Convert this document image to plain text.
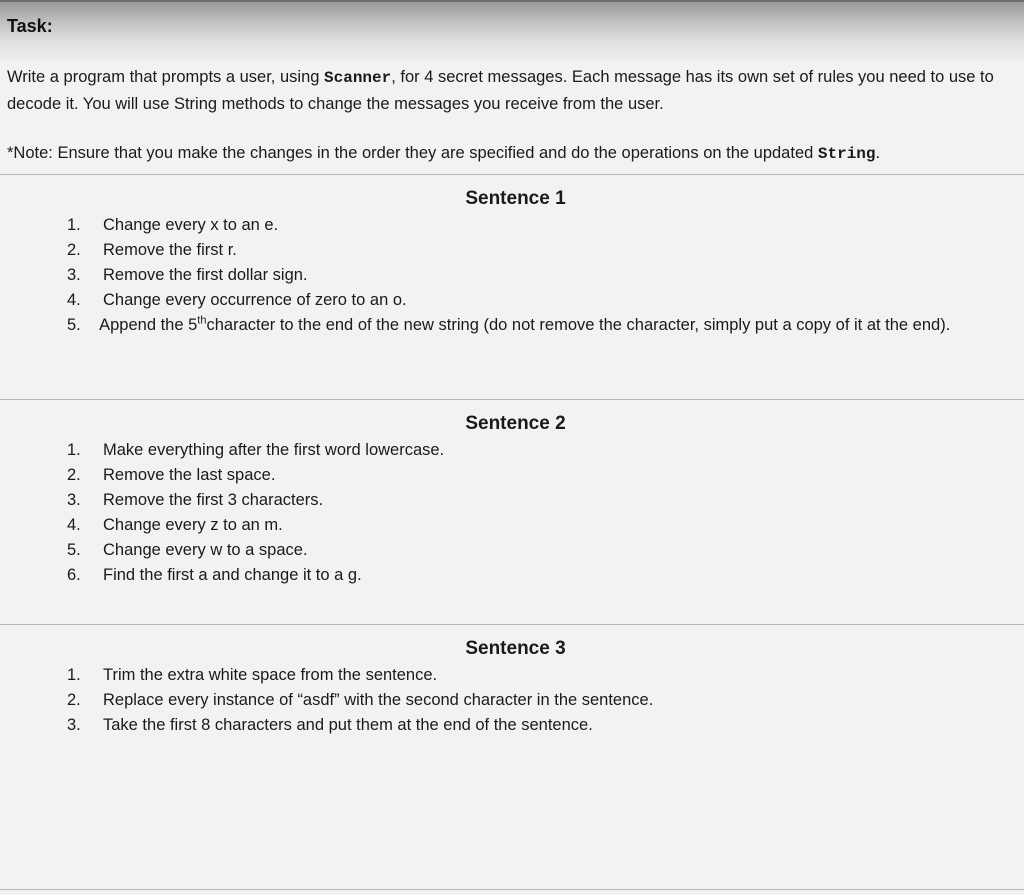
Task:

Write a program that prompts a user, using Scanner, for 4 secret messages. Each message has its own set of rules you need to use to decode it. You will use String methods to change the messages you receive from the user.

*Note: Ensure that you make the changes in the order they are specified and do the operations on the updated String.

Sentence 1
1. Change every x to an e.
2. Remove the first r.
3. Remove the first dollar sign.
4. Change every occurrence of zero to an o.
5. Append the 5thcharacter to the end of the new string (do not remove the character, simply put a copy of it at the end).
Sentence 2
1. Make everything after the first word lowercase.
2. Remove the last space.
3. Remove the first 3 characters.
4. Change every z to an m.
5. Change every w to a space.
6. Find the first a and change it to a g.
Sentence 3
1. Trim the extra white space from the sentence.
2. Replace every instance of “asdf” with the second character in the sentence.
3. Take the first 8 characters and put them at the end of the sentence.
